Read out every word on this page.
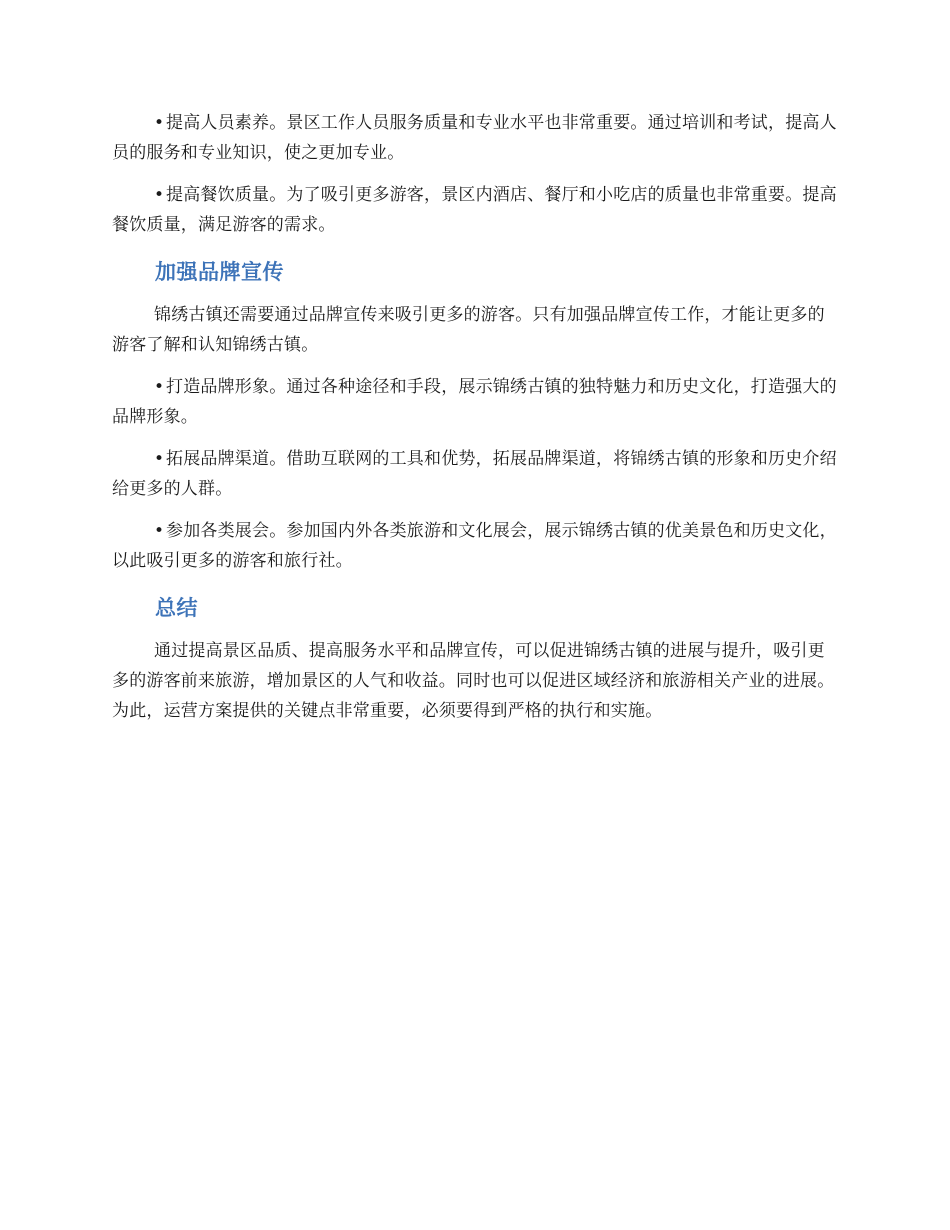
• 提高人员素养。景区工作人员服务质量和专业水平也非常重要。通过培训和考试，提高人员的服务和专业知识，使之更加专业。

• 提高餐饮质量。为了吸引更多游客，景区内酒店、餐厅和小吃店的质量也非常重要。提高餐饮质量，满足游客的需求。

加强品牌宣传

锦绣古镇还需要通过品牌宣传来吸引更多的游客。只有加强品牌宣传工作，才能让更多的游客了解和认知锦绣古镇。

• 打造品牌形象。通过各种途径和手段，展示锦绣古镇的独特魅力和历史文化，打造强大的品牌形象。

• 拓展品牌渠道。借助互联网的工具和优势，拓展品牌渠道，将锦绣古镇的形象和历史介绍给更多的人群。

• 参加各类展会。参加国内外各类旅游和文化展会，展示锦绣古镇的优美景色和历史文化，以此吸引更多的游客和旅行社。

总结

通过提高景区品质、提高服务水平和品牌宣传，可以促进锦绣古镇的进展与提升，吸引更多的游客前来旅游，增加景区的人气和收益。同时也可以促进区域经济和旅游相关产业的进展。为此，运营方案提供的关键点非常重要，必须要得到严格的执行和实施。
